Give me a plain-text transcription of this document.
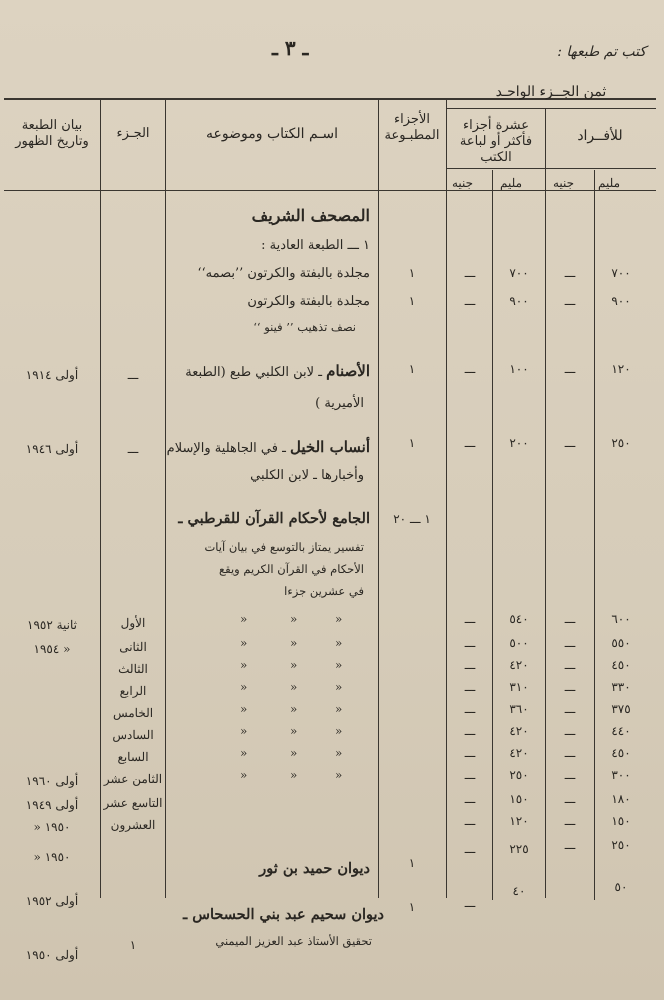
ـ ٣ ـ	كتب تم طبعها :
ثمن الجــزء الواحـد
للأفــراد
عشرة أجزاء فأكثر أو لباعة الكتب
الأجزاء المطبـوعة
اسـم الكتاب وموضوعه
الجـزء
بيان الطبعة وتاريخ الظهور
مليم
جنيه
مليم
جنيه
المصحف الشريف
١ ـــ الطبعة العادية :
مجلدة بالبفتة والكرتون ’’بصمه‘‘
مجلدة بالبفتة والكرتون
نصف تذهيب ’’ فينو ‘‘
٧٠٠
ـــ
٧٠٠
ـــ
١
٩٠٠
ـــ
٩٠٠
ـــ
١
الأصنام ـ لابن الكلبي طبع (الطبعة
الأميرية )
١٢٠
ـــ
١٠٠
ـــ
١
ـــ
أولى ١٩١٤
أنساب الخيل ـ في الجاهلية والإسلام
وأخبارها ـ لابن الكلبي
٢٥٠
ـــ
٢٠٠
ـــ
١
ـــ
أولى ١٩٤٦
الجامع لأحكام القرآن للقرطبي ـ
تفسير يمتاز بالتوسع في بيان آيات
الأحكام في القرآن الكريم ويقع
في عشرين جزءا
١ ـــ ٢٠
٦٠٠
ـــ
٥٤٠
ـــ
»
»
»
الأول
ثانية ١٩٥٢
٥٥٠
ـــ
٥٠٠
ـــ
»
»
»
الثانى
« ١٩٥٤
٤٥٠
ـــ
٤٢٠
ـــ
»
»
»
الثالث
٣٣٠
ـــ
٣١٠
ـــ
»
»
»
الرابع
٣٧٥
ـــ
٣٦٠
ـــ
»
»
»
الخامس
٤٤٠
ـــ
٤٢٠
ـــ
»
»
»
السادس
٤٥٠
ـــ
٤٢٠
ـــ
»
»
»
السابع
٣٠٠
ـــ
٢٥٠
ـــ
»
»
»
الثامن عشر
أولى ١٩٦٠
١٨٠
ـــ
١٥٠
ـــ
التاسع عشر
أولى ١٩٤٩
١٥٠
ـــ
١٢٠
ـــ
العشرون
١٩٥٠ «
ديوان حميد بن ثور
٢٥٠
ـــ
٢٢٥
ـــ
١
١٩٥٠ «
ديوان سحيم عبد بني الحسحاس ـ
تحقيق الأستاذ عبد العزيز الميمني
٥٠
٤٠
ـــ
١
أولى ١٩٥٢
١
أولى ١٩٥٠
